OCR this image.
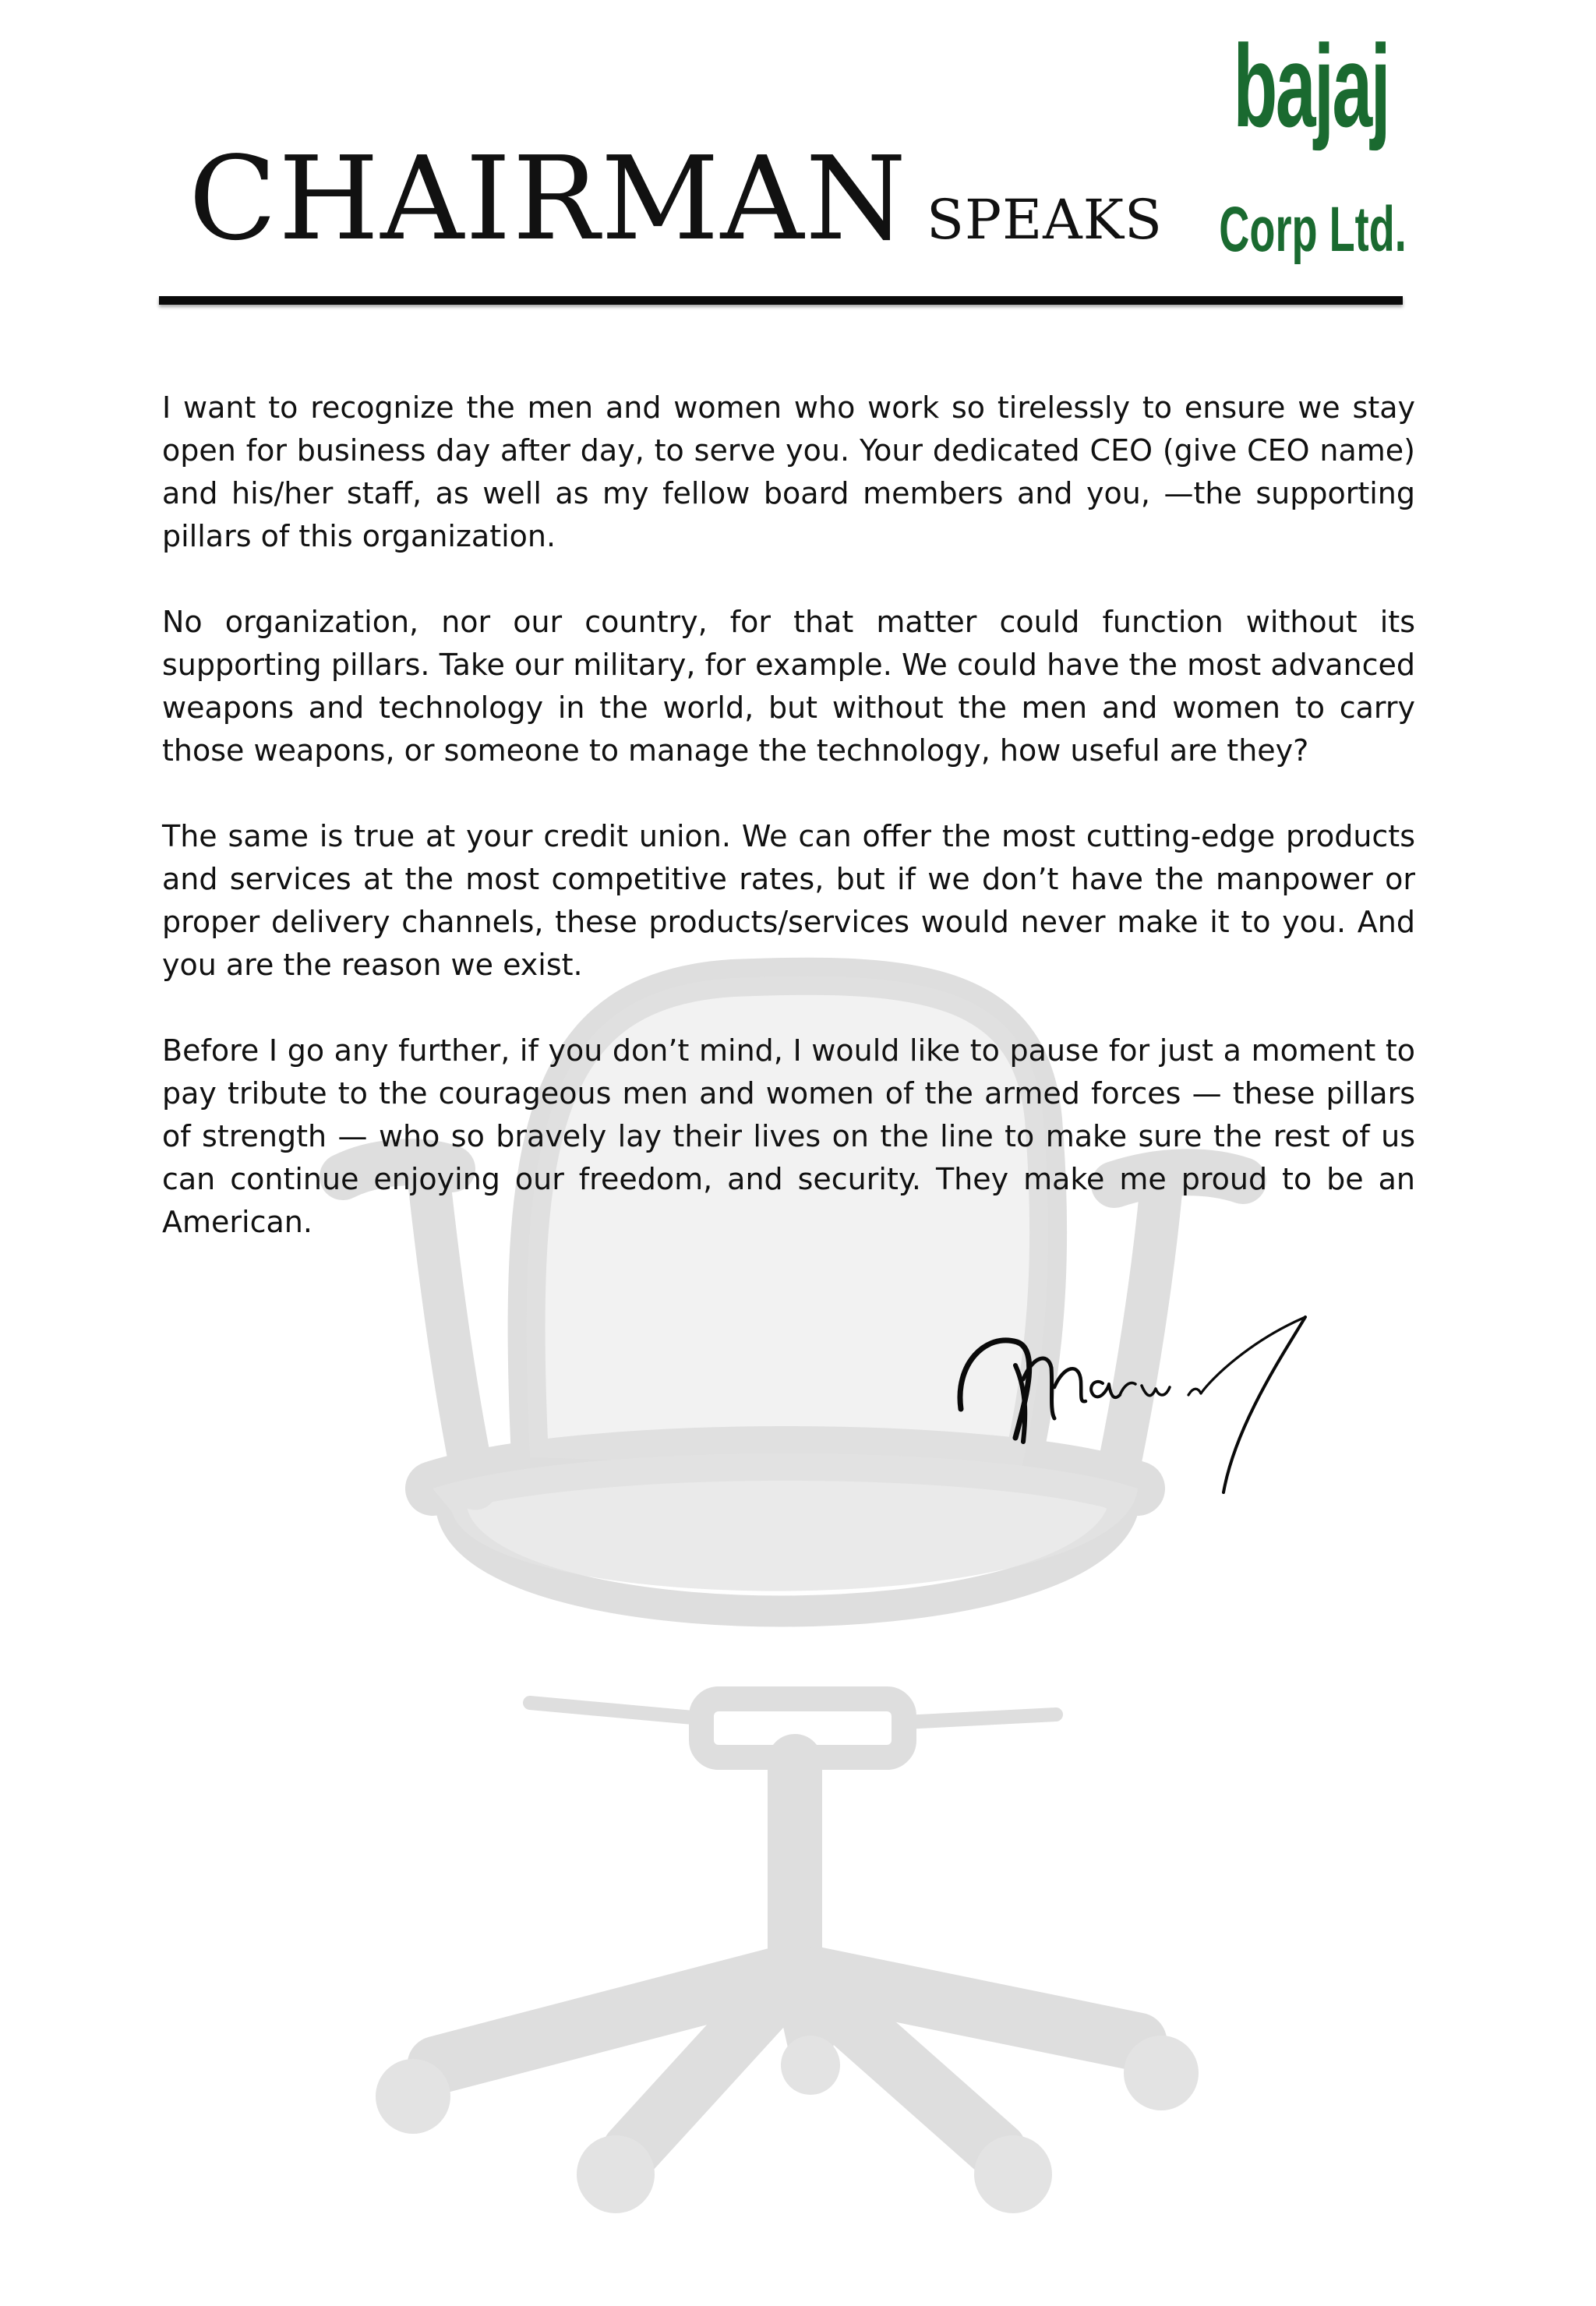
CHAIRMAN SPEAKS
bajaj
Corp Ltd.

I want to recognize the men and women who work so tirelessly to ensure we stay open for business day after day, to serve you. Your dedicated CEO (give CEO name) and his/her staff, as well as my fellow board members and you, —the supporting pillars of this organization.

No organization, nor our country, for that matter could function without its supporting pillars. Take our military, for example. We could have the most advanced weapons and technology in the world, but without the men and women to carry those weapons, or someone to manage the technology, how useful are they?

The same is true at your credit union. We can offer the most cutting-edge products and services at the most competitive rates, but if we don’t have the manpower or proper delivery channels, these products/services would never make it to you. And you are the reason we exist.

Before I go any further, if you don’t mind, I would like to pause for just a moment to pay tribute to the courageous men and women of the armed forces — these pillars of strength — who so bravely lay their lives on the line to make sure the rest of us can continue enjoying our freedom, and security. They make me proud to be an American.
